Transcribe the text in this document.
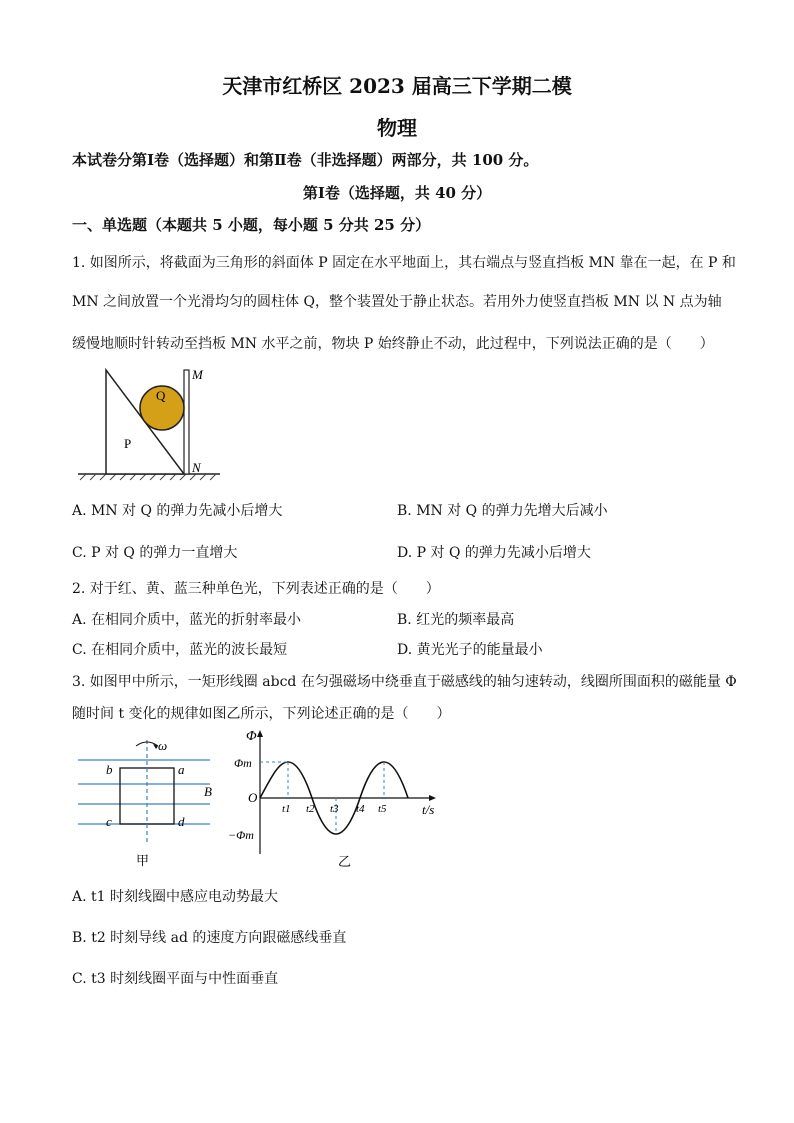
天津市红桥区 2023 届高三下学期二模
物理
本试卷分第Ⅰ卷（选择题）和第Ⅱ卷（非选择题）两部分，共 100 分。
第Ⅰ卷（选择题，共 40 分）
一、单选题（本题共 5 小题，每小题 5 分共 25 分）
1. 如图所示，将截面为三角形的斜面体 P 固定在水平地面上，其右端点与竖直挡板 MN 靠在一起，在 P 和
MN 之间放置一个光滑均匀的圆柱体 Q，整个装置处于静止状态。若用外力使竖直挡板 MN 以 N 点为轴
缓慢地顺时针转动至挡板 MN 水平之前，物块 P 始终静止不动，此过程中，下列说法正确的是（　　）
M
N
P
Q
A. MN 对 Q 的弹力先减小后增大	B. MN 对 Q 的弹力先增大后减小
C. P 对 Q 的弹力一直增大	D. P 对 Q 的弹力先减小后增大
2. 对于红、黄、蓝三种单色光，下列表述正确的是（　　）
A. 在相同介质中，蓝光的折射率最小	B. 红光的频率最高
C. 在相同介质中，蓝光的波长最短	D. 黄光光子的能量最小
3. 如图甲中所示，一矩形线圈 abcd 在匀强磁场中绕垂直于磁感线的轴匀速转动，线圈所围面积的磁能量 Φ
随时间 t 变化的规律如图乙所示，下列论述正确的是（　　）
ω
b	a
c	d
B
甲
Φ
Φm
−Φm
O
t/s
t1 t2 t3 t4 t5
乙
A. t1 时刻线圈中感应电动势最大
B. t2 时刻导线 ad 的速度方向跟磁感线垂直
C. t3 时刻线圈平面与中性面垂直
